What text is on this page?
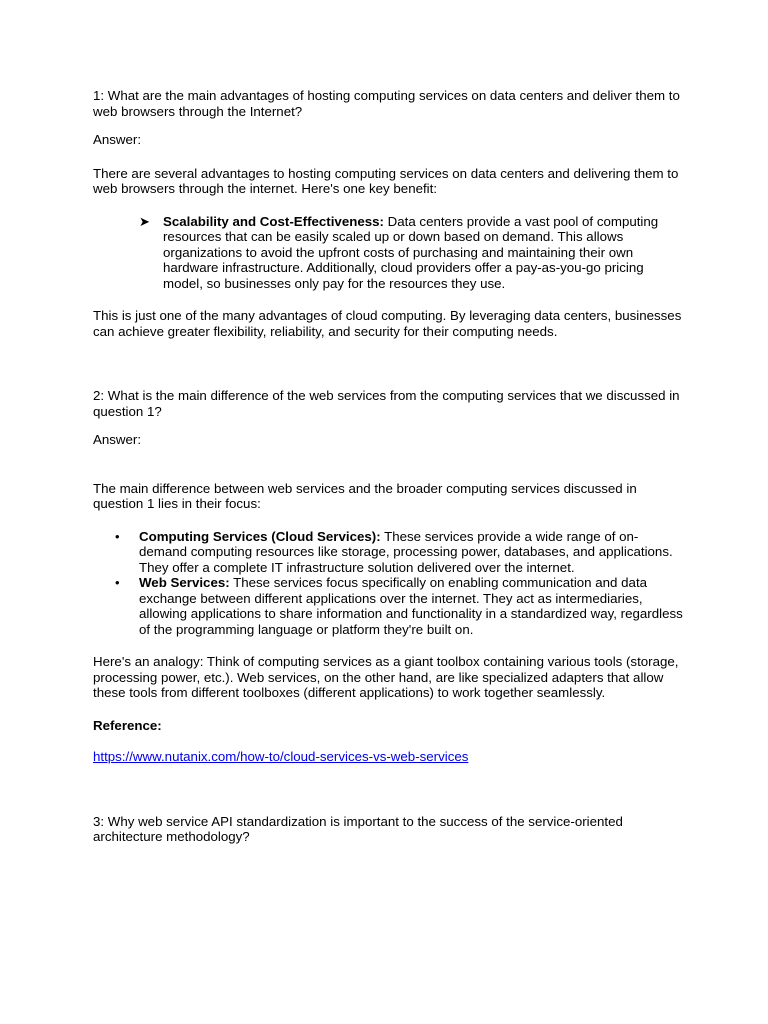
1: What are the main advantages of hosting computing services on data centers and deliver them to web browsers through the Internet?

Answer:

There are several advantages to hosting computing services on data centers and delivering them to web browsers through the internet. Here's one key benefit:

➤ Scalability and Cost-Effectiveness: Data centers provide a vast pool of computing resources that can be easily scaled up or down based on demand. This allows organizations to avoid the upfront costs of purchasing and maintaining their own hardware infrastructure. Additionally, cloud providers offer a pay-as-you-go pricing model, so businesses only pay for the resources they use.

This is just one of the many advantages of cloud computing. By leveraging data centers, businesses can achieve greater flexibility, reliability, and security for their computing needs.

2: What is the main difference of the web services from the computing services that we discussed in question 1?

Answer:

The main difference between web services and the broader computing services discussed in question 1 lies in their focus:

• Computing Services (Cloud Services): These services provide a wide range of on-demand computing resources like storage, processing power, databases, and applications. They offer a complete IT infrastructure solution delivered over the internet.

• Web Services: These services focus specifically on enabling communication and data exchange between different applications over the internet. They act as intermediaries, allowing applications to share information and functionality in a standardized way, regardless of the programming language or platform they're built on.

Here's an analogy: Think of computing services as a giant toolbox containing various tools (storage, processing power, etc.). Web services, on the other hand, are like specialized adapters that allow these tools from different toolboxes (different applications) to work together seamlessly.

Reference:

https://www.nutanix.com/how-to/cloud-services-vs-web-services

3: Why web service API standardization is important to the success of the service-oriented architecture methodology?
